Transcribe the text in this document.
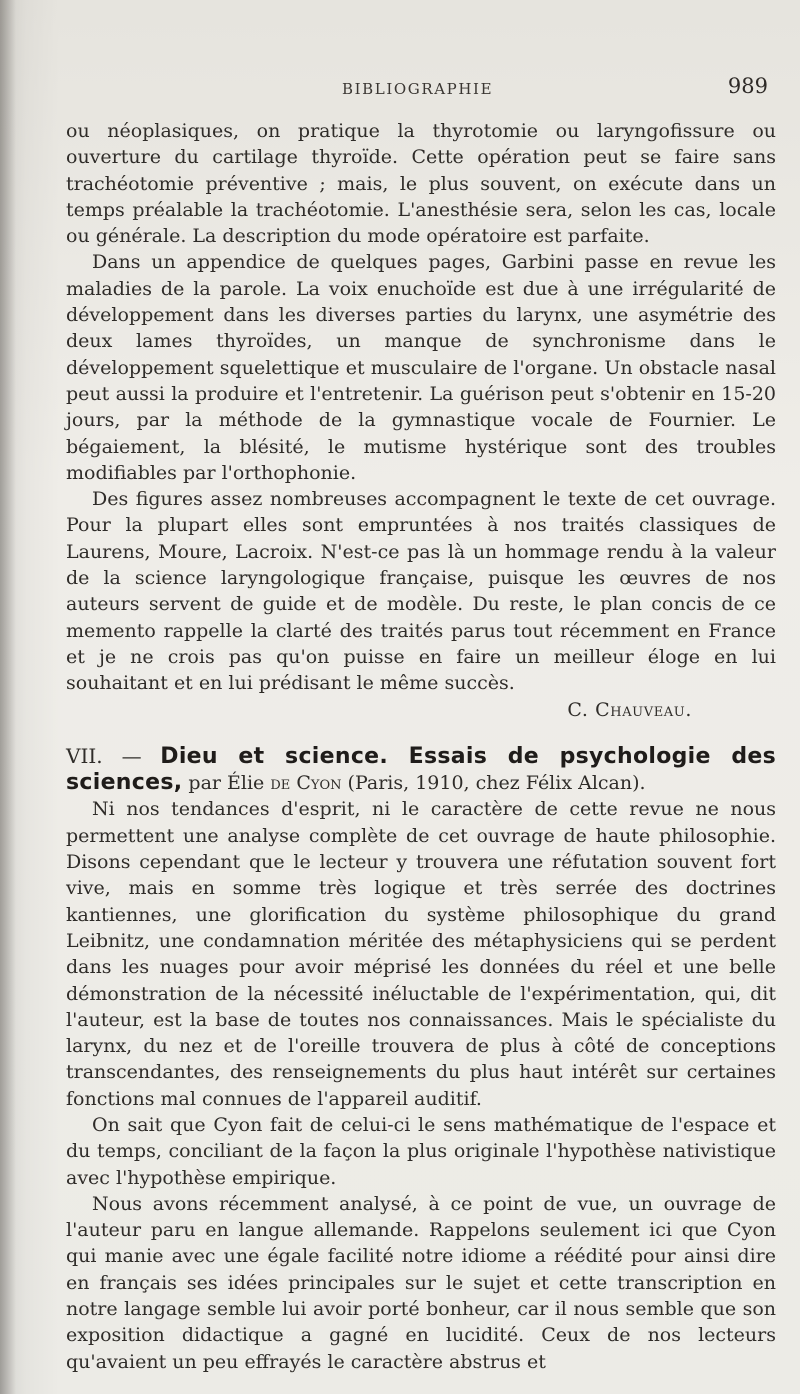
BIBLIOGRAPHIE	989

ou néoplasiques, on pratique la thyrotomie ou laryngofissure ou ouverture du cartilage thyroïde. Cette opération peut se faire sans trachéotomie préventive ; mais, le plus souvent, on exécute dans un temps préalable la trachéotomie. L'anesthésie sera, selon les cas, locale ou générale. La description du mode opératoire est parfaite.

Dans un appendice de quelques pages, Garbini passe en revue les maladies de la parole. La voix enuchoïde est due à une irrégularité de développement dans les diverses parties du larynx, une asymétrie des deux lames thyroïdes, un manque de synchronisme dans le développement squelettique et musculaire de l'organe. Un obstacle nasal peut aussi la produire et l'entretenir. La guérison peut s'obtenir en 15-20 jours, par la méthode de la gymnastique vocale de Fournier. Le bégaiement, la blésité, le mutisme hystérique sont des troubles modifiables par l'orthophonie.

Des figures assez nombreuses accompagnent le texte de cet ouvrage. Pour la plupart elles sont empruntées à nos traités classiques de Laurens, Moure, Lacroix. N'est-ce pas là un hommage rendu à la valeur de la science laryngologique française, puisque les œuvres de nos auteurs servent de guide et de modèle. Du reste, le plan concis de ce memento rappelle la clarté des traités parus tout récemment en France et je ne crois pas qu'on puisse en faire un meilleur éloge en lui souhaitant et en lui prédisant le même succès.

C. Chauveau.

VII. — Dieu et science. Essais de psychologie des sciences, par Élie de Cyon (Paris, 1910, chez Félix Alcan).

Ni nos tendances d'esprit, ni le caractère de cette revue ne nous permettent une analyse complète de cet ouvrage de haute philosophie. Disons cependant que le lecteur y trouvera une réfutation souvent fort vive, mais en somme très logique et très serrée des doctrines kantiennes, une glorification du système philosophique du grand Leibnitz, une condamnation méritée des métaphysiciens qui se perdent dans les nuages pour avoir méprisé les données du réel et une belle démonstration de la nécessité inéluctable de l'expérimentation, qui, dit l'auteur, est la base de toutes nos connaissances. Mais le spécialiste du larynx, du nez et de l'oreille trouvera de plus à côté de conceptions transcendantes, des renseignements du plus haut intérêt sur certaines fonctions mal connues de l'appareil auditif.

On sait que Cyon fait de celui-ci le sens mathématique de l'espace et du temps, conciliant de la façon la plus originale l'hypothèse nativistique avec l'hypothèse empirique.

Nous avons récemment analysé, à ce point de vue, un ouvrage de l'auteur paru en langue allemande. Rappelons seulement ici que Cyon qui manie avec une égale facilité notre idiome a réédité pour ainsi dire en français ses idées principales sur le sujet et cette transcription en notre langage semble lui avoir porté bonheur, car il nous semble que son exposition didactique a gagné en lucidité. Ceux de nos lecteurs qu'avaient un peu effrayés le caractère abstrus et
